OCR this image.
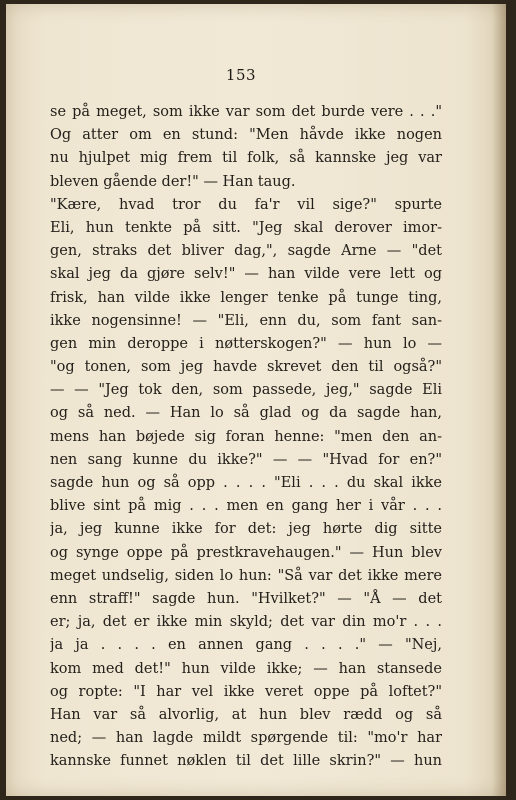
153
se på meget, som ikke var som det burde vere . . ."
Og atter om en stund: "Men håvde ikke nogen
nu hjulpet mig frem til folk, så kannske jeg var
bleven gående der!" — Han taug.
"Kære, hvad tror du fa'r vil sige?" spurte
Eli, hun tenkte på sitt. "Jeg skal derover imor-
gen, straks det bliver dag,", sagde Arne — "det
skal jeg da gjøre selv!" — han vilde vere lett og
frisk, han vilde ikke lenger tenke på tunge ting,
ikke nogensinne! — "Eli, enn du, som fant san-
gen min deroppe i nøtterskogen?" — hun lo —
"og tonen, som jeg havde skrevet den til også?"
— — "Jeg tok den, som passede, jeg," sagde Eli
og så ned. — Han lo så glad og da sagde han,
mens han bøjede sig foran henne: "men den an-
nen sang kunne du ikke?" — — "Hvad for en?"
sagde hun og så opp . . . . "Eli . . . du skal ikke
blive sint på mig . . . men en gang her i vår . . .
ja, jeg kunne ikke for det: jeg hørte dig sitte
og synge oppe på prestkravehaugen." — Hun blev
meget undselig, siden lo hun: "Så var det ikke mere
enn straff!" sagde hun. "Hvilket?" — "Å — det
er; ja, det er ikke min skyld; det var din mo'r . . .
ja ja . . . . en annen gang . . . ." — "Nej,
kom med det!" hun vilde ikke; — han stansede
og ropte: "I har vel ikke veret oppe på loftet?"
Han var så alvorlig, at hun blev rædd og så
ned; — han lagde mildt spørgende til: "mo'r har
kannske funnet nøklen til det lille skrin?" — hun
